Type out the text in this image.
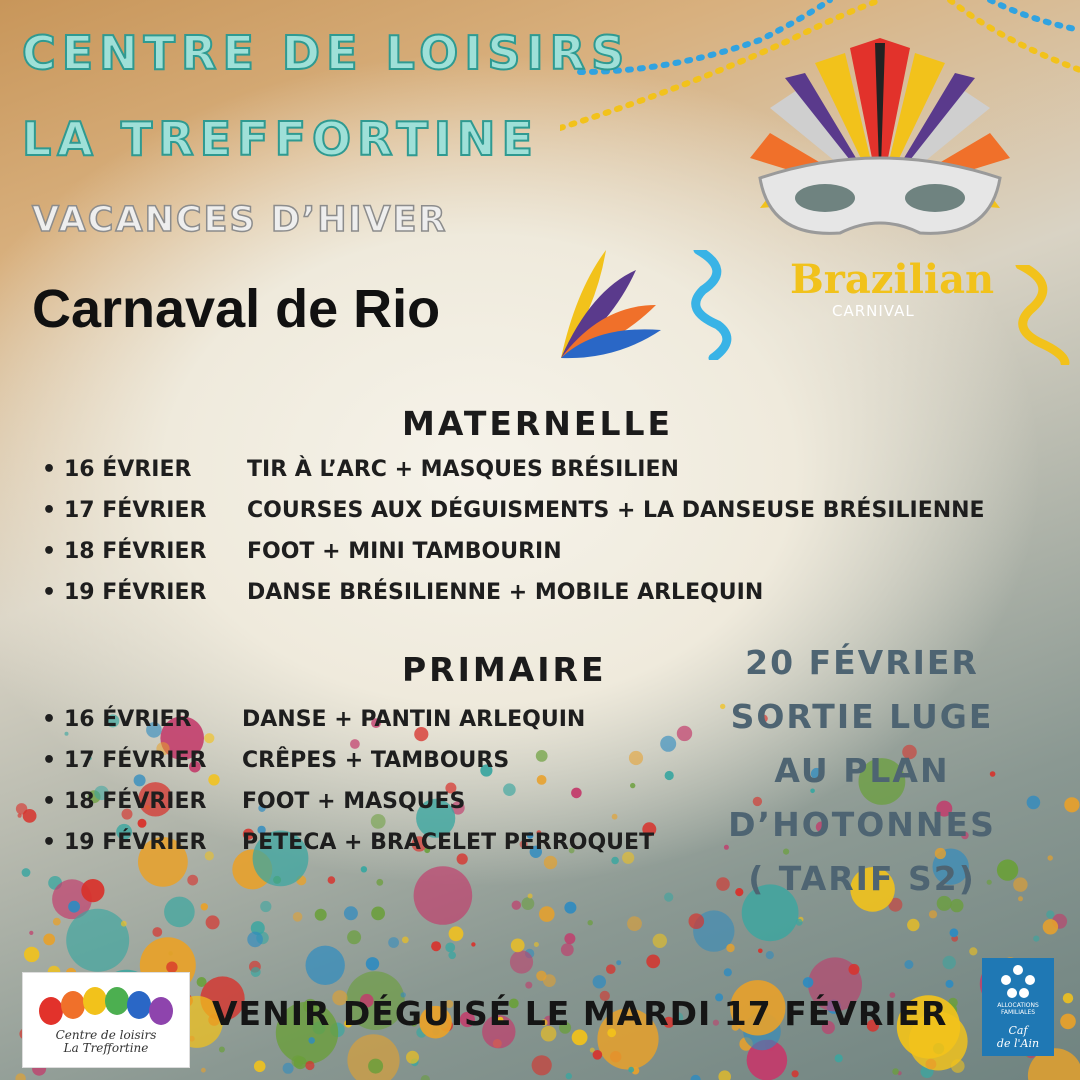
Brazilian

CARNIVAL

CENTRE DE LOISIRS
LA TREFFORTINE
VACANCES D’HIVER
Carnaval de Rio
MATERNELLE
• 16 ÉVRIER	TIR À L’ARC + MASQUES BRÉSILIEN
• 17 FÉVRIER COURSES AUX DÉGUISMENTS + LA DANSEUSE BRÉSILIENNE
• 18 FÉVRIER FOOT + MINI TAMBOURIN
• 19 FÉVRIER DANSE BRÉSILIENNE + MOBILE ARLEQUIN
PRIMAIRE
• 16 ÉVRIER DANSE + PANTIN ARLEQUIN
• 17 FÉVRIER CRÊPES + TAMBOURS
• 18 FÉVRIER FOOT + MASQUES
• 19 FÉVRIER PETECA + BRACELET PERROQUET

20 FÉVRIER
SORTIE LUGE
AU PLAN
D’HOTONNES
( TARIF S2)

Centre de loisirs
La Treffortine

VENIR DÉGUISÉ LE MARDI 17 FÉVRIER	ALLOCATIONS
FAMILIALES
Caf
de l'Ain
